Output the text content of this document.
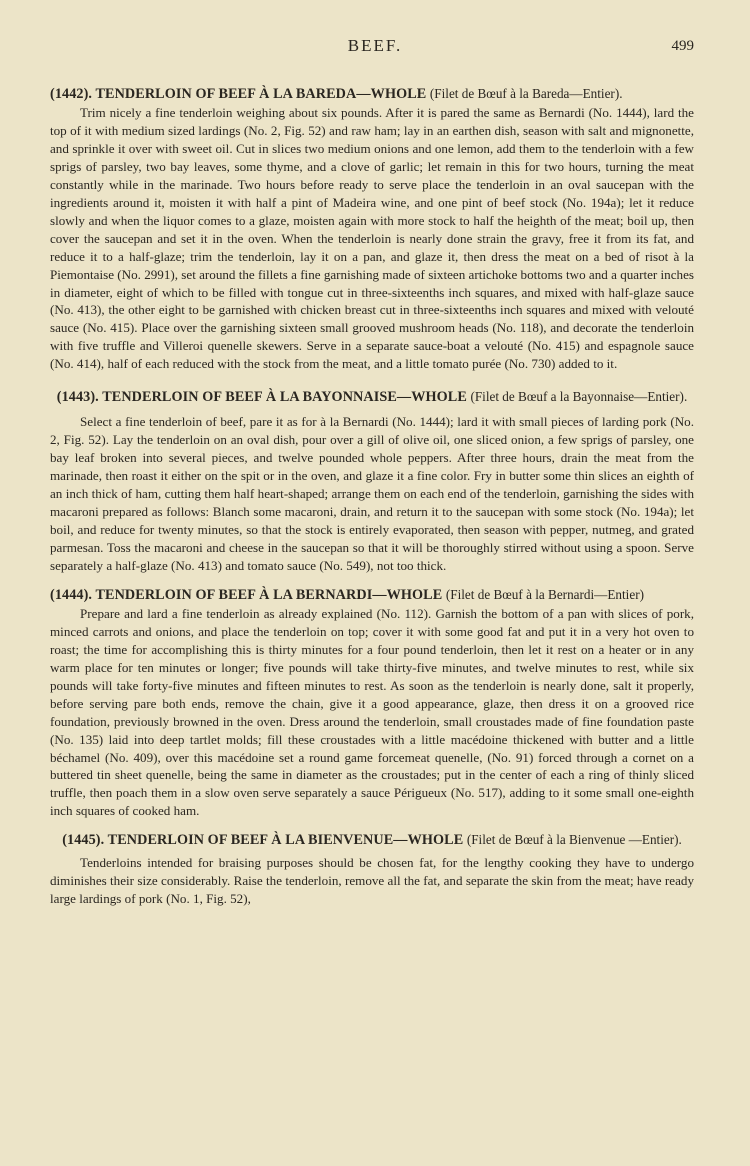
BEEF.	499
(1442). TENDERLOIN OF BEEF À LA BAREDA—WHOLE (Filet de Bœuf à la Bareda—Entier).

Trim nicely a fine tenderloin weighing about six pounds. After it is pared the same as Bernardi (No. 1444), lard the top of it with medium sized lardings (No. 2, Fig. 52) and raw ham; lay in an earthen dish, season with salt and mignonette, and sprinkle it over with sweet oil. Cut in slices two medium onions and one lemon, add them to the tenderloin with a few sprigs of parsley, two bay leaves, some thyme, and a clove of garlic; let remain in this for two hours, turning the meat constantly while in the marinade. Two hours before ready to serve place the tenderloin in an oval saucepan with the ingredients around it, moisten it with half a pint of Madeira wine, and one pint of beef stock (No. 194a); let it reduce slowly and when the liquor comes to a glaze, moisten again with more stock to half the heighth of the meat; boil up, then cover the saucepan and set it in the oven. When the tenderloin is nearly done strain the gravy, free it from its fat, and reduce it to a half-glaze; trim the tenderloin, lay it on a pan, and glaze it, then dress the meat on a bed of risot à la Piemontaise (No. 2991), set around the fillets a fine garnishing made of sixteen artichoke bottoms two and a quarter inches in diameter, eight of which to be filled with tongue cut in three-sixteenths inch squares, and mixed with half-glaze sauce (No. 413), the other eight to be garnished with chicken breast cut in three-sixteenths inch squares and mixed with velouté sauce (No. 415). Place over the garnishing sixteen small grooved mushroom heads (No. 118), and decorate the tenderloin with five truffle and Villeroi quenelle skewers. Serve in a separate sauce-boat a velouté (No. 415) and espagnole sauce (No. 414), half of each reduced with the stock from the meat, and a little tomato purée (No. 730) added to it.

(1443). TENDERLOIN OF BEEF À LA BAYONNAISE—WHOLE (Filet de Bœuf a la Bayonnaise—Entier).

Select a fine tenderloin of beef, pare it as for à la Bernardi (No. 1444); lard it with small pieces of larding pork (No. 2, Fig. 52). Lay the tenderloin on an oval dish, pour over a gill of olive oil, one sliced onion, a few sprigs of parsley, one bay leaf broken into several pieces, and twelve pounded whole peppers. After three hours, drain the meat from the marinade, then roast it either on the spit or in the oven, and glaze it a fine color. Fry in butter some thin slices an eighth of an inch thick of ham, cutting them half heart-shaped; arrange them on each end of the tenderloin, garnishing the sides with macaroni prepared as follows: Blanch some macaroni, drain, and return it to the saucepan with some stock (No. 194a); let boil, and reduce for twenty minutes, so that the stock is entirely evaporated, then season with pepper, nutmeg, and grated parmesan. Toss the macaroni and cheese in the saucepan so that it will be thoroughly stirred without using a spoon. Serve separately a half-glaze (No. 413) and tomato sauce (No. 549), not too thick.

(1444). TENDERLOIN OF BEEF À LA BERNARDI—WHOLE (Filet de Bœuf à la Bernardi—Entier)

Prepare and lard a fine tenderloin as already explained (No. 112). Garnish the bottom of a pan with slices of pork, minced carrots and onions, and place the tenderloin on top; cover it with some good fat and put it in a very hot oven to roast; the time for accomplishing this is thirty minutes for a four pound tenderloin, then let it rest on a heater or in any warm place for ten minutes or longer; five pounds will take thirty-five minutes, and twelve minutes to rest, while six pounds will take forty-five minutes and fifteen minutes to rest. As soon as the tenderloin is nearly done, salt it properly, before serving pare both ends, remove the chain, give it a good appearance, glaze, then dress it on a grooved rice foundation, previously browned in the oven. Dress around the tenderloin, small croustades made of fine foundation paste (No. 135) laid into deep tartlet molds; fill these croustades with a little macédoine thickened with butter and a little béchamel (No. 409), over this macédoine set a round game forcemeat quenelle, (No. 91) forced through a cornet on a buttered tin sheet quenelle, being the same in diameter as the croustades; put in the center of each a ring of thinly sliced truffle, then poach them in a slow oven serve separately a sauce Périgueux (No. 517), adding to it some small one-eighth inch squares of cooked ham.

(1445). TENDERLOIN OF BEEF À LA BIENVENUE—WHOLE (Filet de Bœuf à la Bienvenue —Entier).

Tenderloins intended for braising purposes should be chosen fat, for the lengthy cooking they have to undergo diminishes their size considerably. Raise the tenderloin, remove all the fat, and separate the skin from the meat; have ready large lardings of pork (No. 1, Fig. 52),
